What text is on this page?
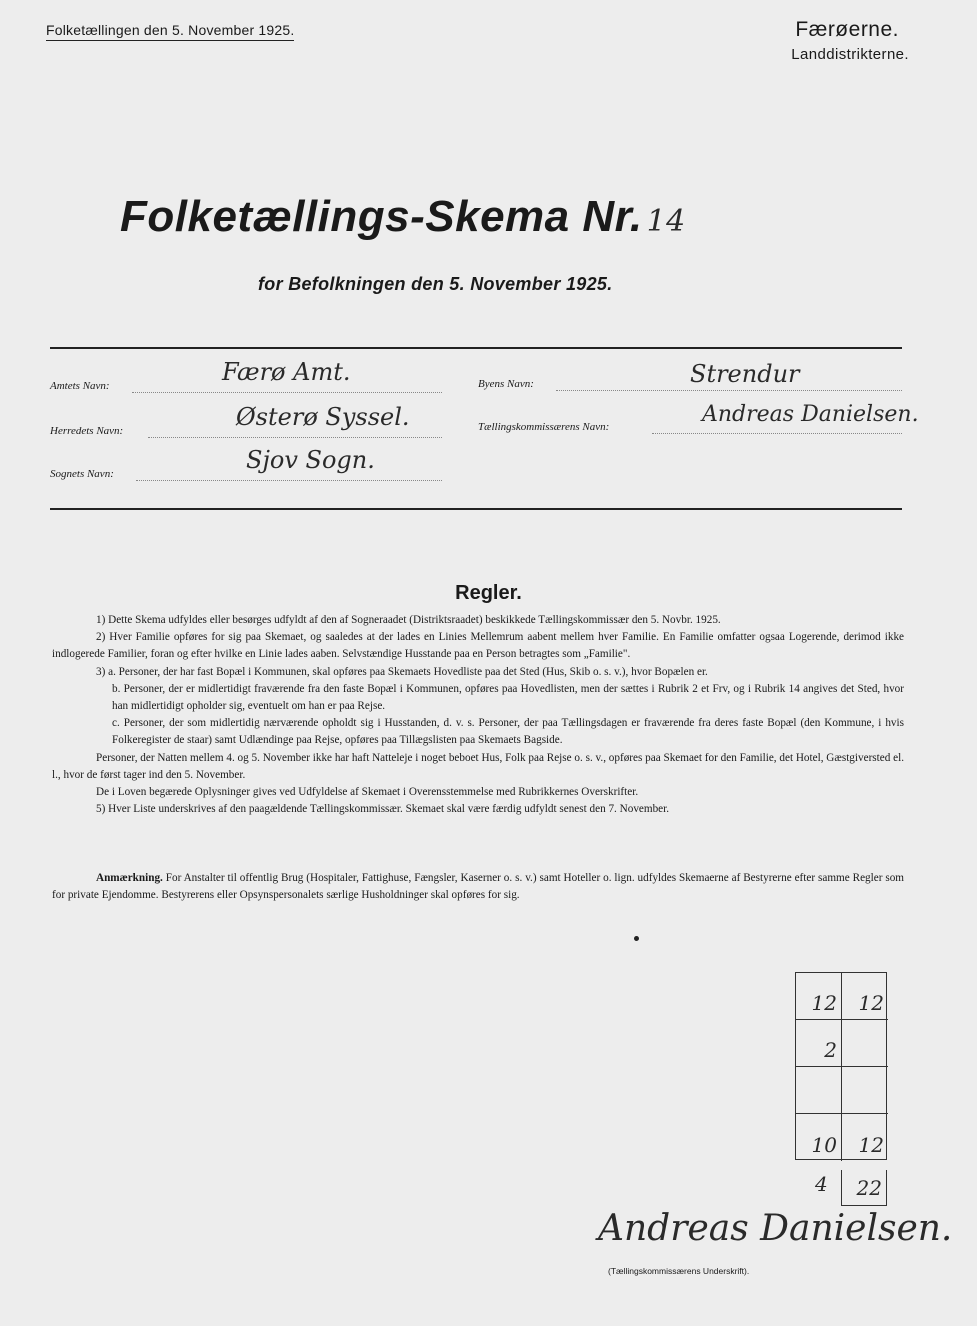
Folketællingen den 5. November 1925.	Færøerne.
Landdistrikterne.
Folketællings-Skema Nr. 14
for Befolkningen den 5. November 1925.
Amtets Navn:	Færø Amt.
Herredets Navn:	Østerø Syssel.
Sognets Navn:	Sjov Sogn.
Byens Navn:	Strendur
Tællingskommissærens Navn:	Andreas Danielsen.
Regler.

1) Dette Skema udfyldes eller besørges udfyldt af den af Sogneraadet (Distriktsraadet) beskikkede Tællingskommissær den 5. Novbr. 1925.

2) Hver Familie opføres for sig paa Skemaet, og saaledes at der lades en Linies Mellemrum aabent mellem hver Familie. En Familie omfatter ogsaa Logerende, derimod ikke indlogerede Familier, foran og efter hvilke en Linie lades aaben. Selvstændige Husstande paa en Person betragtes som „Familie".

3) a. Personer, der har fast Bopæl i Kommunen, skal opføres paa Skemaets Hovedliste paa det Sted (Hus, Skib o. s. v.), hvor Bopælen er.

b. Personer, der er midlertidigt fraværende fra den faste Bopæl i Kommunen, opføres paa Hovedlisten, men der sættes i Rubrik 2 et Frv, og i Rubrik 14 angives det Sted, hvor han midlertidigt opholder sig, eventuelt om han er paa Rejse.

c. Personer, der som midlertidig nærværende opholdt sig i Husstanden, d. v. s. Personer, der paa Tællingsdagen er fraværende fra deres faste Bopæl (den Kommune, i hvis Folkeregister de staar) samt Udlændinge paa Rejse, opføres paa Tillægslisten paa Skemaets Bagside.

Personer, der Natten mellem 4. og 5. November ikke har haft Natteleje i noget beboet Hus, Folk paa Rejse o. s. v., opføres paa Skemaet for den Familie, det Hotel, Gæstgiversted el. l., hvor de først tager ind den 5. November.

De i Loven begærede Oplysninger gives ved Udfyldelse af Skemaet i Overensstemmelse med Rubrikkernes Overskrifter.

5) Hver Liste underskrives af den paagældende Tællingskommissær. Skemaet skal være færdig udfyldt senest den 7. November.

Anmærkning. For Anstalter til offentlig Brug (Hospitaler, Fattighuse, Fængsler, Kaserner o. s. v.) samt Hoteller o. lign. udfyldes Skemaerne af Bestyrerne efter samme Regler som for private Ejendomme. Bestyrerens eller Opsynspersonalets særlige Husholdninger skal opføres for sig.

12 12
2
10 12
4 22
Andreas Danielsen.
(Tællingskommissærens Underskrift).
